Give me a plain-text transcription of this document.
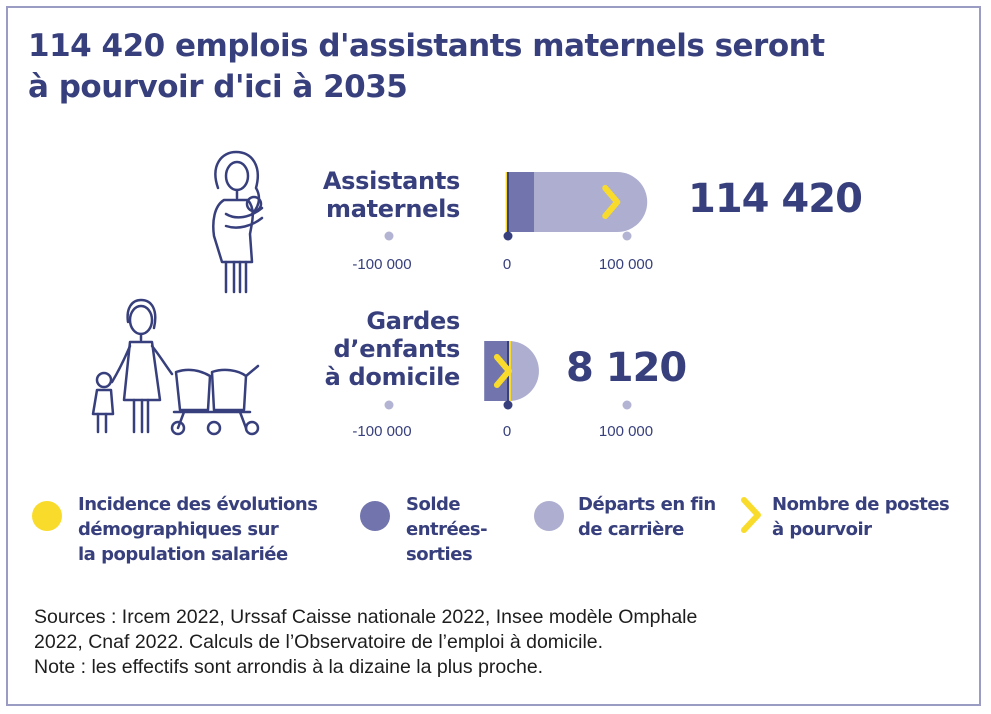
114 420 emplois d'assistants maternels seront
à pourvoir d'ici à 2035
Assistants
maternels
Gardes
d’enfants
à domicile
-100 000	0	100 000
-100 000	0	100 000
114 420
8 120
Incidence des évolutions
démographiques sur
la population salariée
Solde
entrées-
sorties
Départs en fin
de carrière
Nombre de postes
à pourvoir
Sources : Ircem 2022, Urssaf Caisse nationale 2022, Insee modèle Omphale
2022, Cnaf 2022. Calculs de l’Observatoire de l’emploi à domicile.
Note : les effectifs sont arrondis à la dizaine la plus proche.
